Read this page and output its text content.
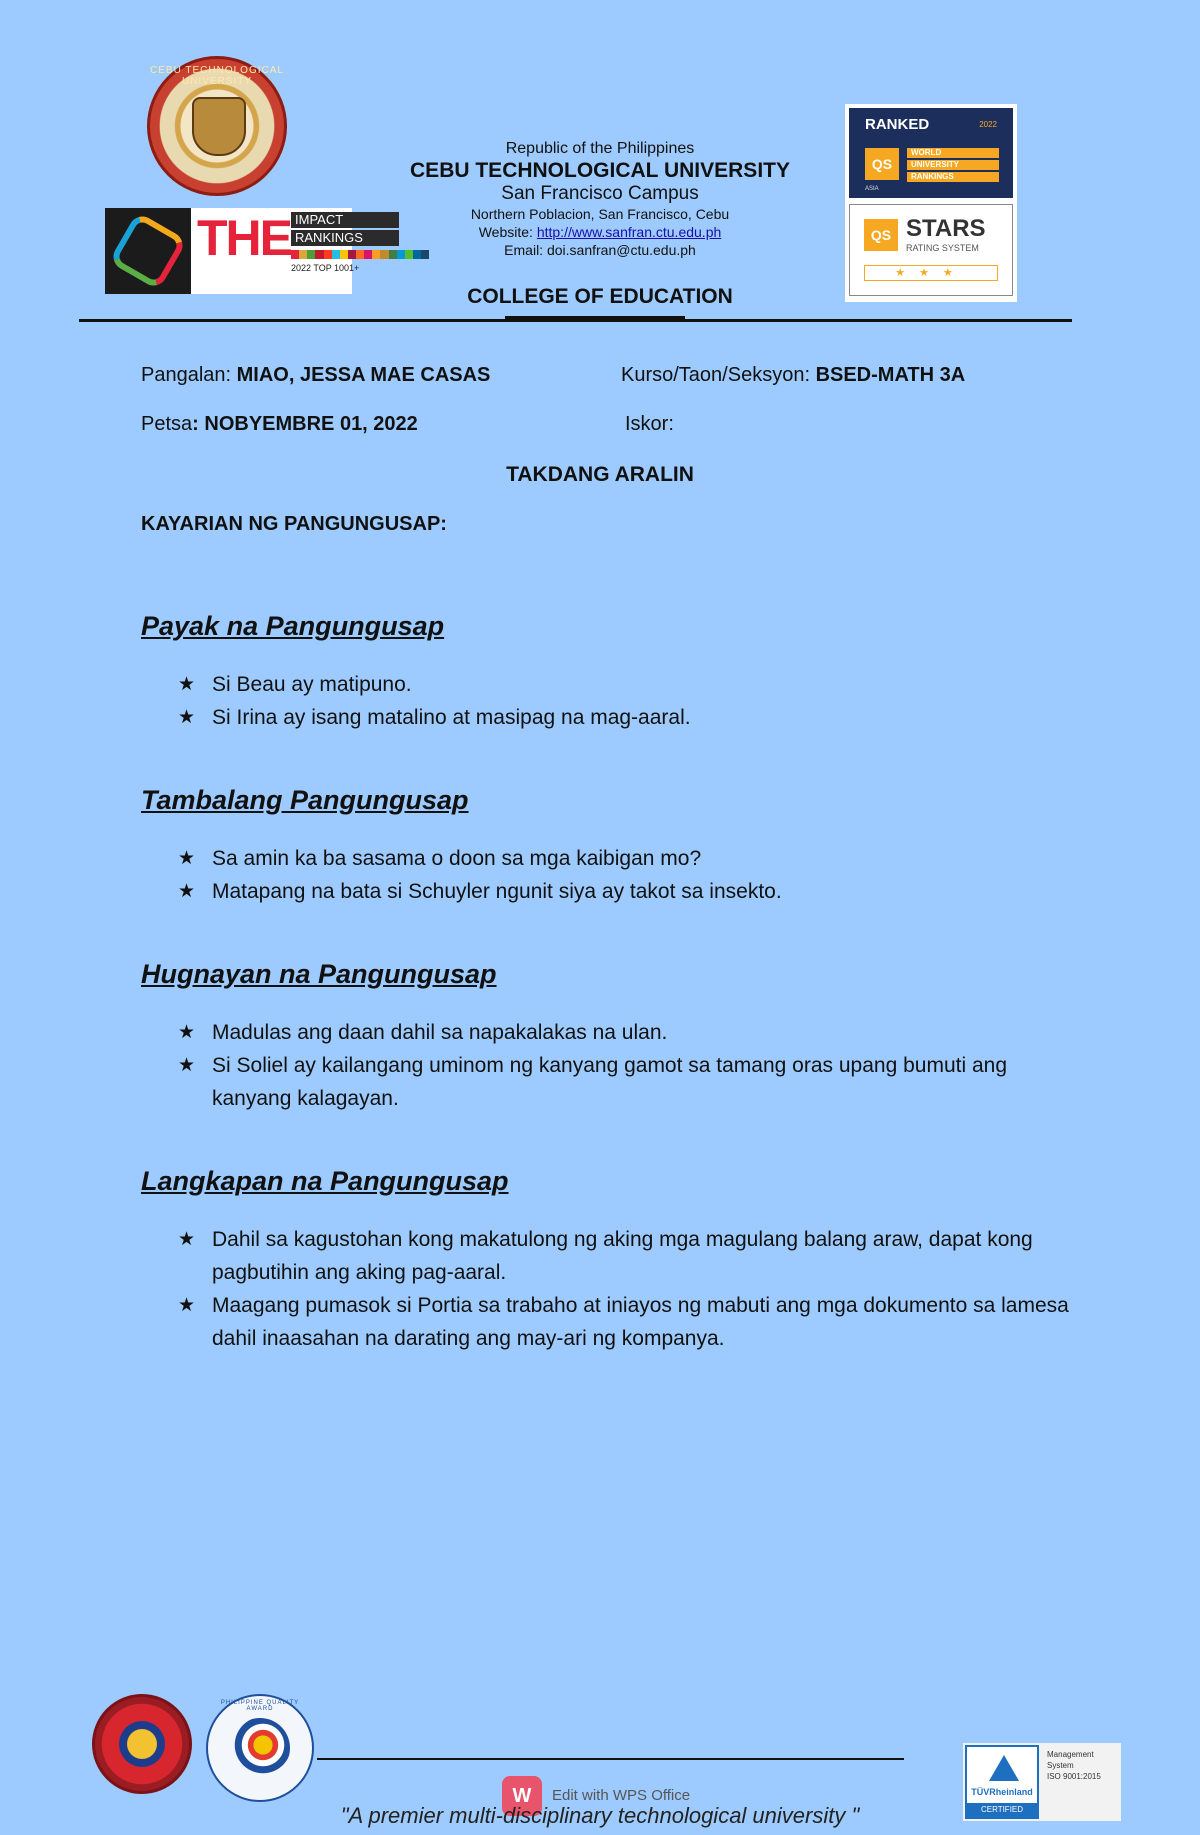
CEBU TECHNOLOGICAL UNIVERSITY
THE IMPACT
RANKINGS
2022 TOP 1001+
RANKED	2022
QS
WORLD
UNIVERSITY
RANKINGS
ASIA
QS STARS
RATING SYSTEM
★★★
Republic of the Philippines
CEBU TECHNOLOGICAL UNIVERSITY
San Francisco Campus
Northern Poblacion, San Francisco, Cebu
Website: http://www.sanfran.ctu.edu.ph
Email: doi.sanfran@ctu.edu.ph
COLLEGE OF EDUCATION
Pangalan: MIAO, JESSA MAE CASAS	Kurso/Taon/Seksyon: BSED-MATH 3A
Petsa: NOBYEMBRE 01, 2022	Iskor:
TAKDANG ARALIN
KAYARIAN NG PANGUNGUSAP:
Payak na Pangungusap
★ Si Beau ay matipuno.
★ Si Irina ay isang matalino at masipag na mag-aaral.
Tambalang Pangungusap
★ Sa amin ka ba sasama o doon sa mga kaibigan mo?
★ Matapang na bata si Schuyler ngunit siya ay takot sa insekto.
Hugnayan na Pangungusap
★ Madulas ang daan dahil sa napakalakas na ulan.
★ Si Soliel ay kailangang uminom ng kanyang gamot sa tamang oras upang bumuti ang kanyang kalagayan.
Langkapan na Pangungusap
★ Dahil sa kagustohan kong makatulong ng aking mga magulang balang araw, dapat kong pagbutihin ang aking pag-aaral.
★ Maagang pumasok si Portia sa trabaho at iniayos ng mabuti ang mga dokumento sa lamesa dahil inaasahan na darating ang may-ari ng kompanya.
PHILIPPINE QUALITY AWARD
TÜVRheinland
CERTIFIED
Management
System
ISO 9001:2015
W	Edit with WPS Office
"A premier multi-disciplinary technological university "
